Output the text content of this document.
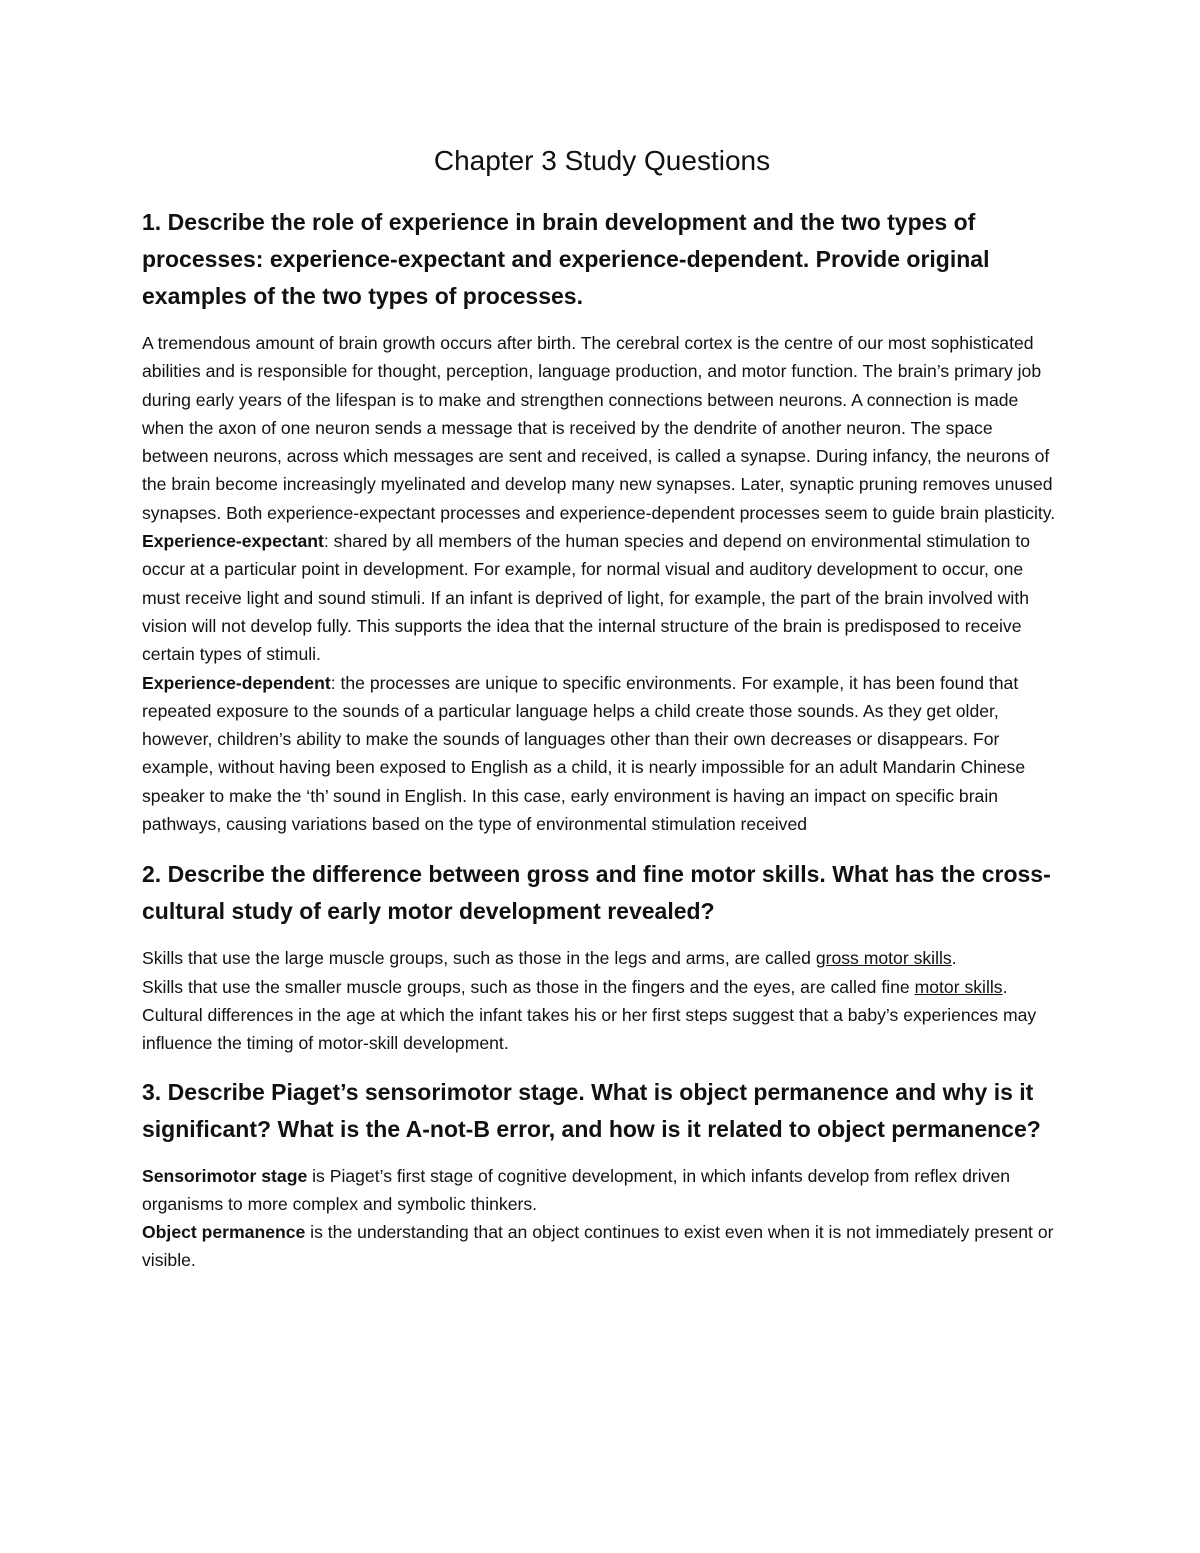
Chapter 3 Study Questions
1. Describe the role of experience in brain development and the two types of processes: experience-expectant and experience-dependent. Provide original examples of the two types of processes.

A tremendous amount of brain growth occurs after birth. The cerebral cortex is the centre of our most sophisticated abilities and is responsible for thought, perception, language production, and motor function. The brain’s primary job during early years of the lifespan is to make and strengthen connections between neurons. A connection is made when the axon of one neuron sends a message that is received by the dendrite of another neuron. The space between neurons, across which messages are sent and received, is called a synapse. During infancy, the neurons of the brain become increasingly myelinated and develop many new synapses. Later, synaptic pruning removes unused synapses. Both experience-expectant processes and experience-dependent processes seem to guide brain plasticity.

Experience-expectant: shared by all members of the human species and depend on environmental stimulation to occur at a particular point in development. For example, for normal visual and auditory development to occur, one must receive light and sound stimuli. If an infant is deprived of light, for example, the part of the brain involved with vision will not develop fully. This supports the idea that the internal structure of the brain is predisposed to receive certain types of stimuli.

Experience-dependent: the processes are unique to specific environments. For example, it has been found that repeated exposure to the sounds of a particular language helps a child create those sounds. As they get older, however, children’s ability to make the sounds of languages other than their own decreases or disappears. For example, without having been exposed to English as a child, it is nearly impossible for an adult Mandarin Chinese speaker to make the ‘th’ sound in English. In this case, early environment is having an impact on specific brain pathways, causing variations based on the type of environmental stimulation received

2. Describe the difference between gross and fine motor skills. What has the cross-cultural study of early motor development revealed?

Skills that use the large muscle groups, such as those in the legs and arms, are called gross motor skills.

Skills that use the smaller muscle groups, such as those in the fingers and the eyes, are called fine motor skills.

Cultural differences in the age at which the infant takes his or her first steps suggest that a baby’s experiences may influence the timing of motor-skill development.

3. Describe Piaget’s sensorimotor stage. What is object permanence and why is it significant? What is the A-not-B error, and how is it related to object permanence?

Sensorimotor stage is Piaget’s first stage of cognitive development, in which infants develop from reflex driven organisms to more complex and symbolic thinkers.

Object permanence is the understanding that an object continues to exist even when it is not immediately present or visible.
